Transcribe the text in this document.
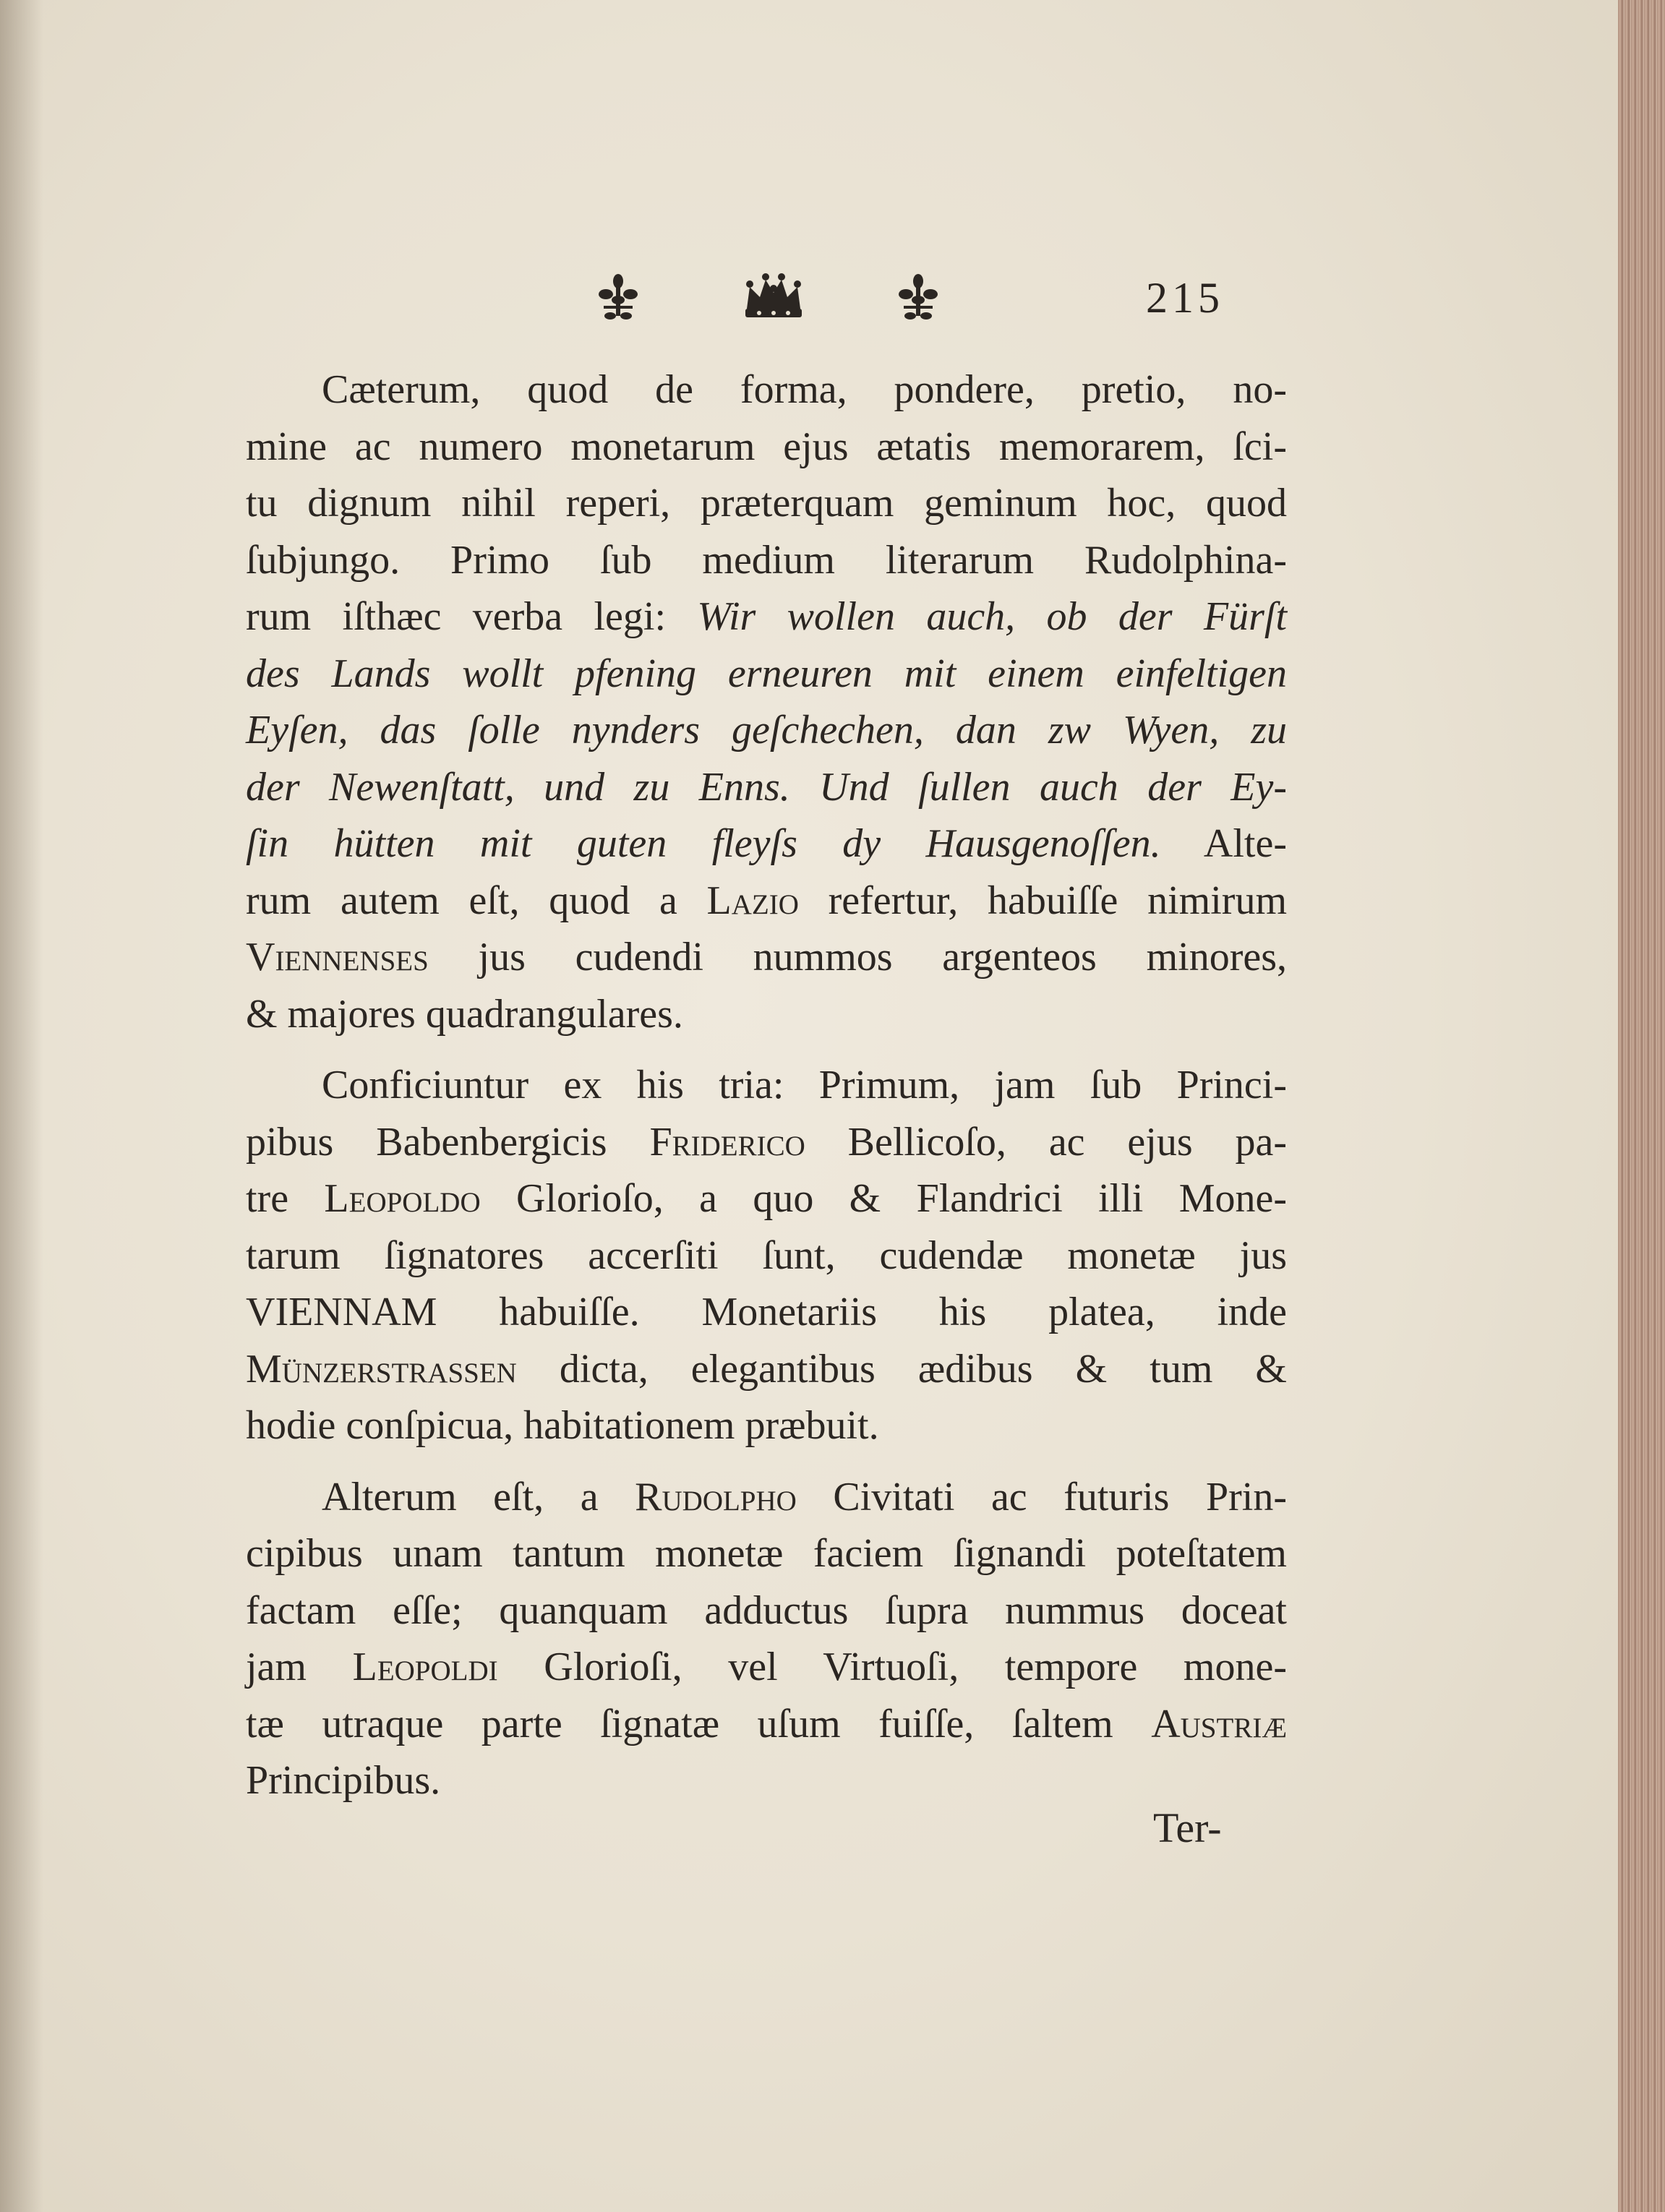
215
Cæterum, quod de forma, pondere, pretio, no-
mine ac numero monetarum ejus ætatis memorarem, ſci-
tu dignum nihil reperi, præterquam geminum hoc, quod
ſubjungo. Primo ſub medium literarum Rudolphina-
rum iſthæc verba legi: Wir wollen auch, ob der Fürſt
des Lands wollt pfening erneuren mit einem einfeltigen
Eyſen, das ſolle nynders geſchechen, dan zw Wyen, zu
der Newenſtatt, und zu Enns. Und ſullen auch der Ey-
ſin hütten mit guten fleyſs dy Hausgenoſſen. Alte-
rum autem eſt, quod a Lazio refertur, habuiſſe nimirum
Viennenses jus cudendi nummos argenteos minores,
& majores quadrangulares.
Conficiuntur ex his tria: Primum, jam ſub Princi-
pibus Babenbergicis Friderico Bellicoſo, ac ejus pa-
tre Leopoldo Glorioſo, a quo & Flandrici illi Mone-
tarum ſignatores accerſiti ſunt, cudendæ monetæ jus
VIENNAM habuiſſe. Monetariis his platea, inde
Münzerstrassen dicta, elegantibus ædibus & tum &
hodie conſpicua, habitationem præbuit.
Alterum eſt, a Rudolpho Civitati ac futuris Prin-
cipibus unam tantum monetæ faciem ſignandi poteſtatem
factam eſſe; quanquam adductus ſupra nummus doceat
jam Leopoldi Glorioſi, vel Virtuoſi, tempore mone-
tæ utraque parte ſignatæ uſum fuiſſe, ſaltem Austriæ
Principibus.
Ter-
